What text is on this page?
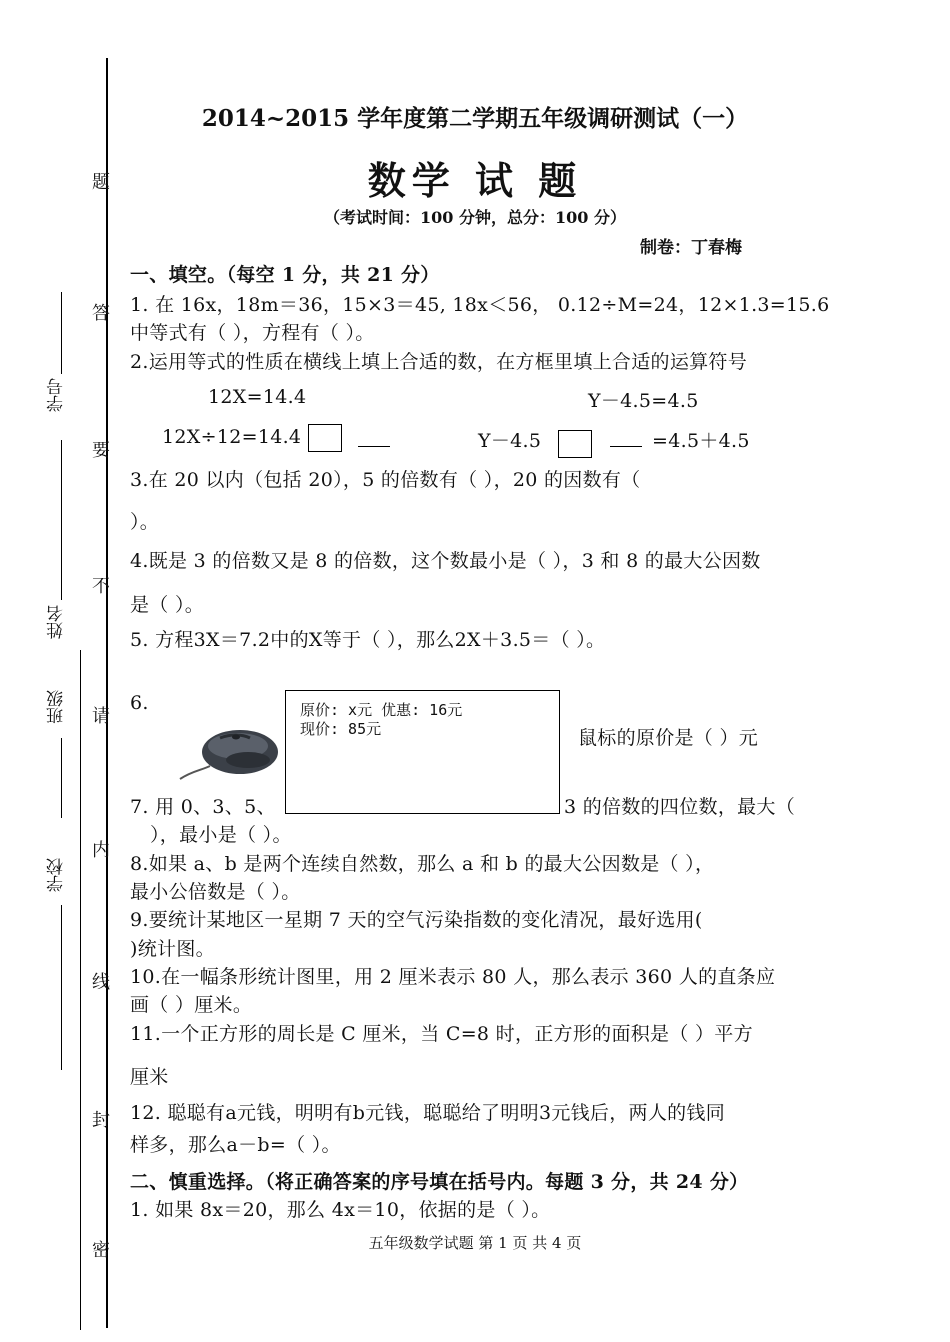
题
答
要
不
请
内
线
封
密
学号
姓名
班级
学校
2014~2015 学年度第二学期五年级调研测试（一）
数学 试 题
（考试时间：100 分钟，总分：100 分）
制卷：丁春梅
一、填空。（每空 1 分，共 21 分）
1. 在 16x，18m＝36，15×3＝45, 18x＜56， 0.12÷M=24，12×1.3=15.6
中等式有（ ），方程有（ ）。
2.运用等式的性质在横线上填上合适的数，在方框里填上合适的运算符号
12X=14.4	Y－4.5=4.5
12X÷12=14.4	Y－4.5	=4.5＋4.5
3.在 20 以内（包括 20），5 的倍数有（ ），20 的因数有（
）。
4.既是 3 的倍数又是 8 的倍数，这个数最小是（ ），3 和 8 的最大公因数
是（ ）。
5. 方程3X＝7.2中的X等于（ ），那么2X＋3.5＝（ ）。
6.	原价: x元 优惠: 16元
现价: 85元	鼠标的原价是（ ）元
7. 用 0、3、5、	3 的倍数的四位数，最大（
），最小是（ ）。
8.如果 a、b 是两个连续自然数，那么 a 和 b 的最大公因数是（ ），
最小公倍数是（ ）。
9.要统计某地区一星期 7 天的空气污染指数的变化清况，最好选用(
)统计图。
10.在一幅条形统计图里，用 2 厘米表示 80 人，那么表示 360 人的直条应
画（ ）厘米。
11.一个正方形的周长是 C 厘米，当 C=8 时，正方形的面积是（ ）平方
厘米
12. 聪聪有a元钱，明明有b元钱，聪聪给了明明3元钱后，两人的钱同
样多，那么a－b=（ ）。
二、慎重选择。（将正确答案的序号填在括号内。每题 3 分，共 24 分）
1. 如果 8x＝20，那么 4x＝10，依据的是（ ）。
五年级数学试题 第 1 页 共 4 页
